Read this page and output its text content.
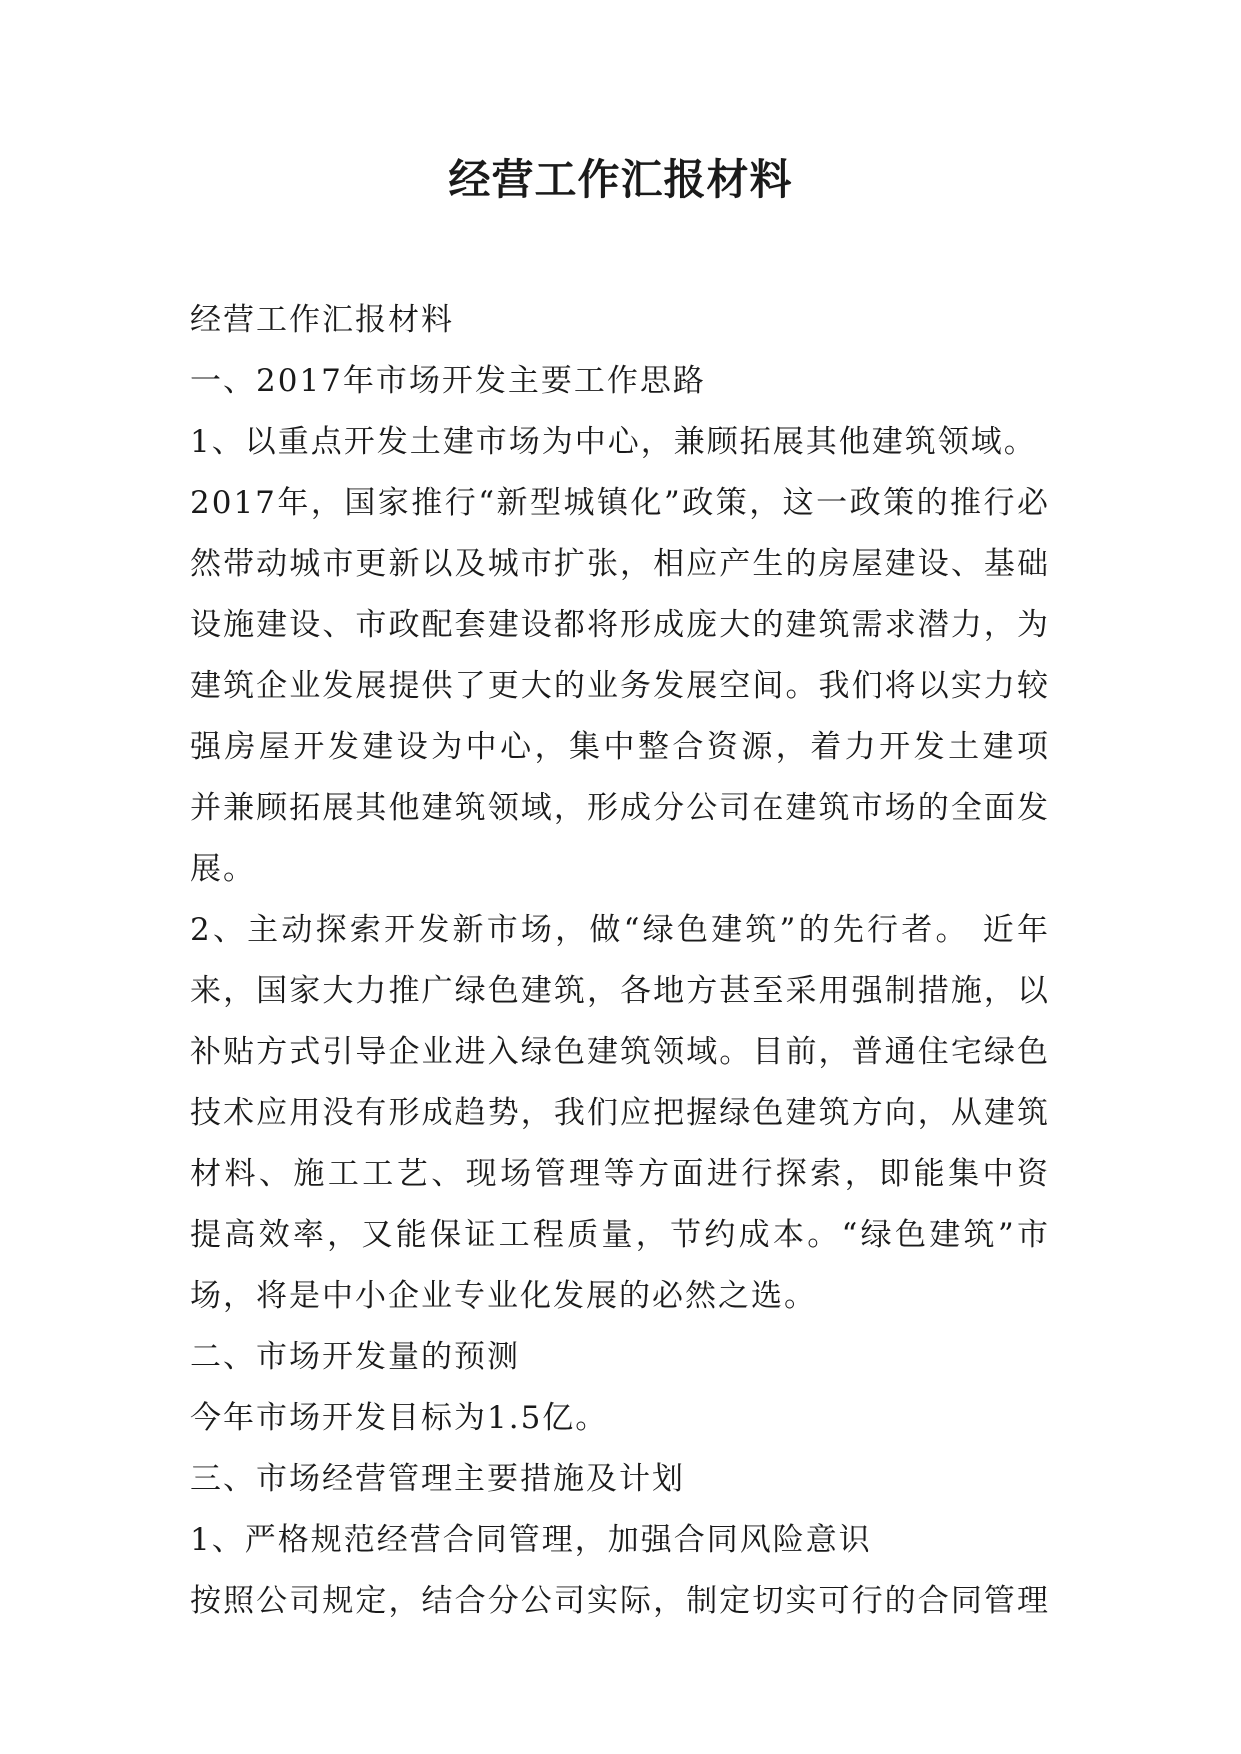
经营工作汇报材料
经营工作汇报材料
一、2017年市场开发主要工作思路
1、以重点开发土建市场为中心，兼顾拓展其他建筑领域。
2017年，国家推行“新型城镇化”政策，这一政策的推行必
然带动城市更新以及城市扩张，相应产生的房屋建设、基础
设施建设、市政配套建设都将形成庞大的建筑需求潜力，为
建筑企业发展提供了更大的业务发展空间。我们将以实力较
强房屋开发建设为中心，集中整合资源，着力开发土建项
并兼顾拓展其他建筑领域，形成分公司在建筑市场的全面发
展。
2、主动探索开发新市场，做“绿色建筑”的先行者。 近年
来，国家大力推广绿色建筑，各地方甚至采用强制措施，以
补贴方式引导企业进入绿色建筑领域。目前，普通住宅绿色
技术应用没有形成趋势，我们应把握绿色建筑方向，从建筑
材料、施工工艺、现场管理等方面进行探索，即能集中资
提高效率，又能保证工程质量，节约成本。“绿色建筑”市
场，将是中小企业专业化发展的必然之选。
二、市场开发量的预测
今年市场开发目标为1.5亿。
三、市场经营管理主要措施及计划
1、严格规范经营合同管理，加强合同风险意识
按照公司规定，结合分公司实际，制定切实可行的合同管理
